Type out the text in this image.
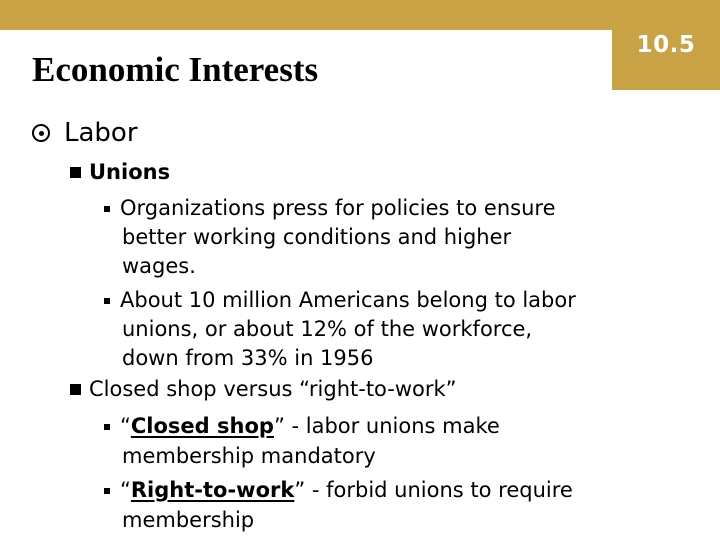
10.5
Economic Interests
Labor
Unions
Organizations press for policies to ensure
better working conditions and higher
wages.
About 10 million Americans belong to labor
unions, or about 12% of the workforce,
down from 33% in 1956
Closed shop versus “right-to-work”
“Closed shop” - labor unions make
membership mandatory
“Right-to-work” - forbid unions to require
membership
